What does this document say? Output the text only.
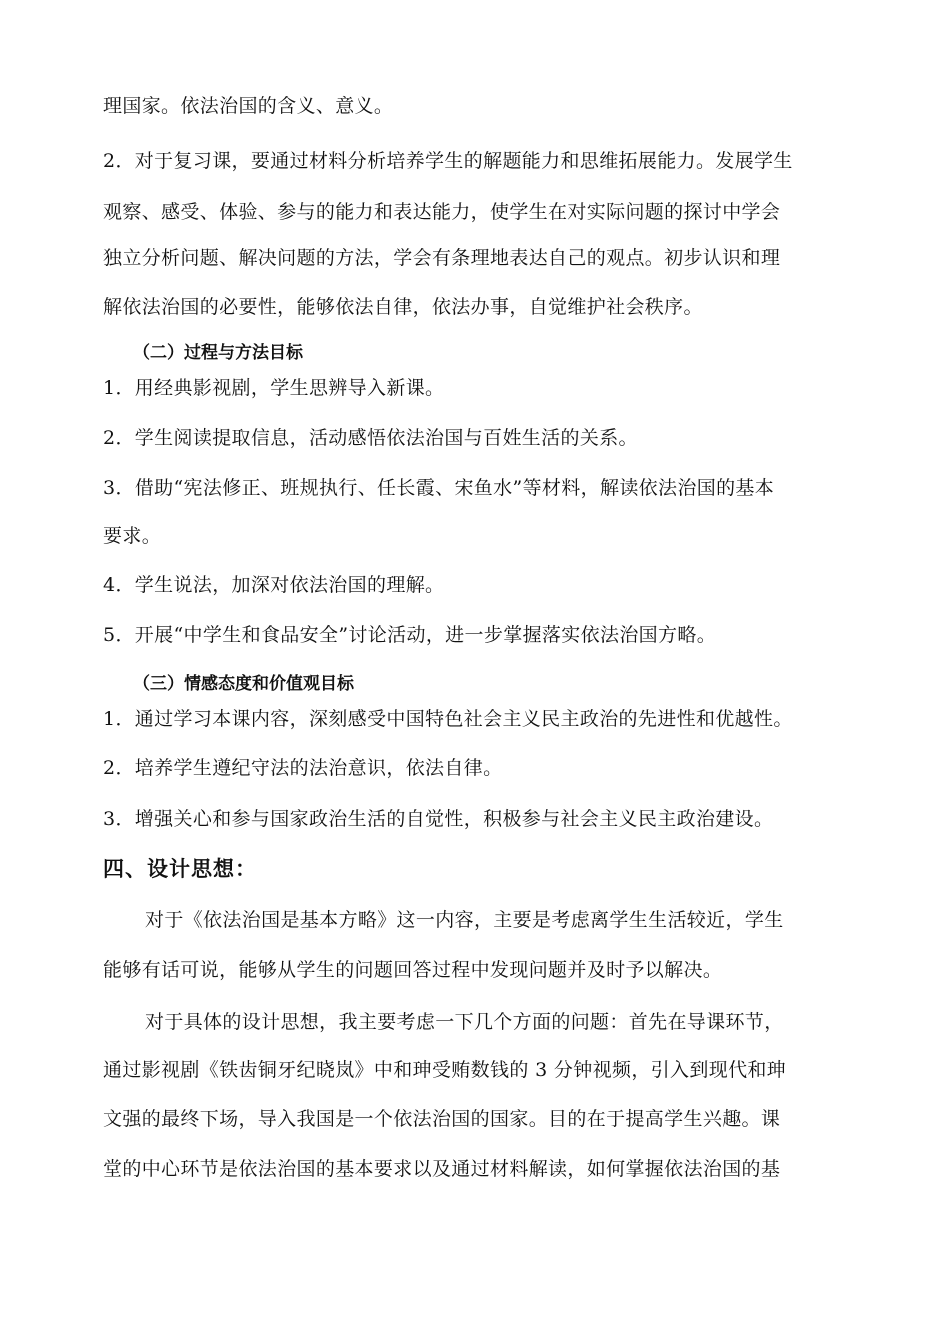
理国家。依法治国的含义、意义。
2．对于复习课，要通过材料分析培养学生的解题能力和思维拓展能力。发展学生
观察、感受、体验、参与的能力和表达能力，使学生在对实际问题的探讨中学会
独立分析问题、解决问题的方法，学会有条理地表达自己的观点。初步认识和理
解依法治国的必要性，能够依法自律，依法办事，自觉维护社会秩序。
（二）过程与方法目标
1．用经典影视剧，学生思辨导入新课。
2．学生阅读提取信息，活动感悟依法治国与百姓生活的关系。
3．借助“宪法修正、班规执行、任长霞、宋鱼水”等材料，解读依法治国的基本
要求。
4．学生说法，加深对依法治国的理解。
5．开展“中学生和食品安全”讨论活动，进一步掌握落实依法治国方略。
（三）情感态度和价值观目标
1．通过学习本课内容，深刻感受中国特色社会主义民主政治的先进性和优越性。
2．培养学生遵纪守法的法治意识，依法自律。
3．增强关心和参与国家政治生活的自觉性，积极参与社会主义民主政治建设。
四、设计思想：
对于《依法治国是基本方略》这一内容，主要是考虑离学生生活较近，学生
能够有话可说，能够从学生的问题回答过程中发现问题并及时予以解决。
对于具体的设计思想，我主要考虑一下几个方面的问题：首先在导课环节，
通过影视剧《铁齿铜牙纪晓岚》中和珅受贿数钱的 3 分钟视频，引入到现代和珅
文强的最终下场，导入我国是一个依法治国的国家。目的在于提高学生兴趣。课
堂的中心环节是依法治国的基本要求以及通过材料解读，如何掌握依法治国的基
